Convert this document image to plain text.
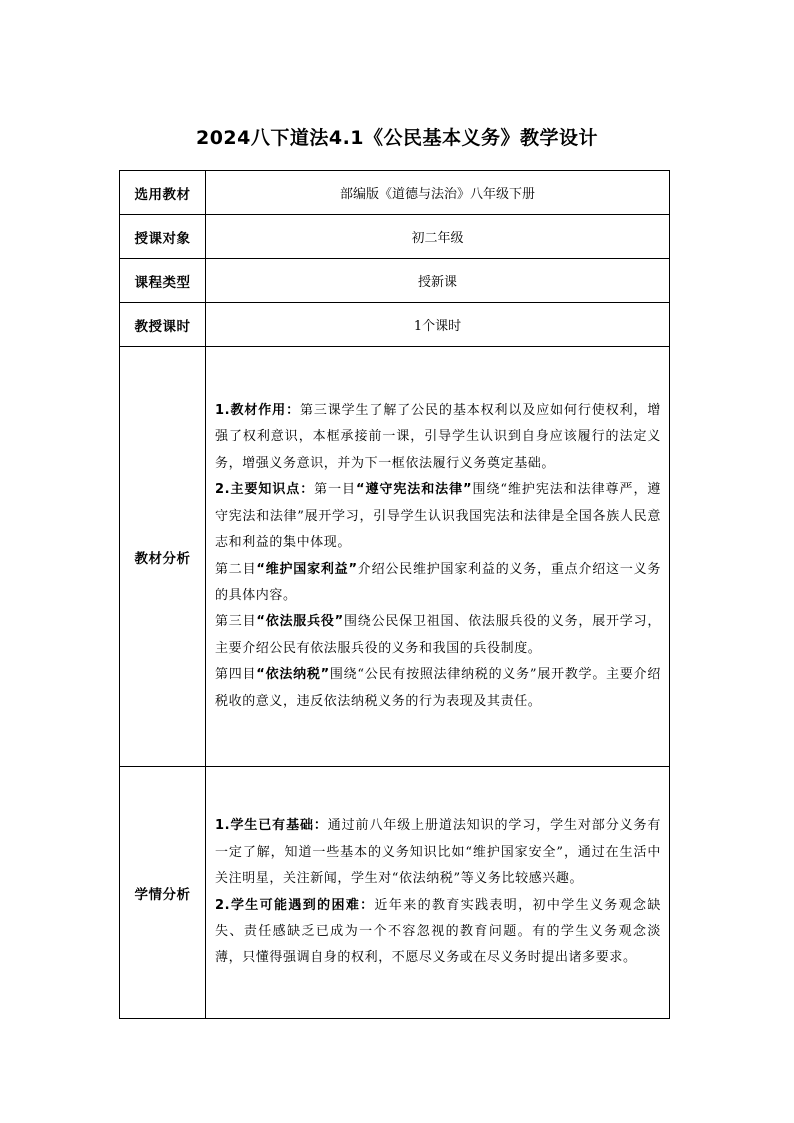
2024八下道法4.1《公民基本义务》教学设计
选用教材	部编版《道德与法治》八年级下册
授课对象	初二年级
课程类型	授新课
教授课时	1个课时
教材分析	1.教材作用：第三课学生了解了公民的基本权利以及应如何行使权利，增强了权利意识，本框承接前一课，引导学生认识到自身应该履行的法定义务，增强义务意识，并为下一框依法履行义务奠定基础。

2.主要知识点：第一目“遵守宪法和法律”围绕“维护宪法和法律尊严，遵守宪法和法律”展开学习，引导学生认识我国宪法和法律是全国各族人民意志和利益的集中体现。

第二目“维护国家利益”介绍公民维护国家利益的义务，重点介绍这一义务的具体内容。

第三目“依法服兵役”围绕公民保卫祖国、依法服兵役的义务，展开学习，主要介绍公民有依法服兵役的义务和我国的兵役制度。

第四目“依法纳税”围绕“公民有按照法律纳税的义务”展开教学。主要介绍税收的意义，违反依法纳税义务的行为表现及其责任。

学情分析	1.学生已有基础：通过前八年级上册道法知识的学习，学生对部分义务有一定了解，知道一些基本的义务知识比如“维护国家安全”，通过在生活中关注明星，关注新闻，学生对“依法纳税”等义务比较感兴趣。

2.学生可能遇到的困难：近年来的教育实践表明，初中学生义务观念缺失、责任感缺乏已成为一个不容忽视的教育问题。有的学生义务观念淡薄，只懂得强调自身的权利，不愿尽义务或在尽义务时提出诸多要求。
